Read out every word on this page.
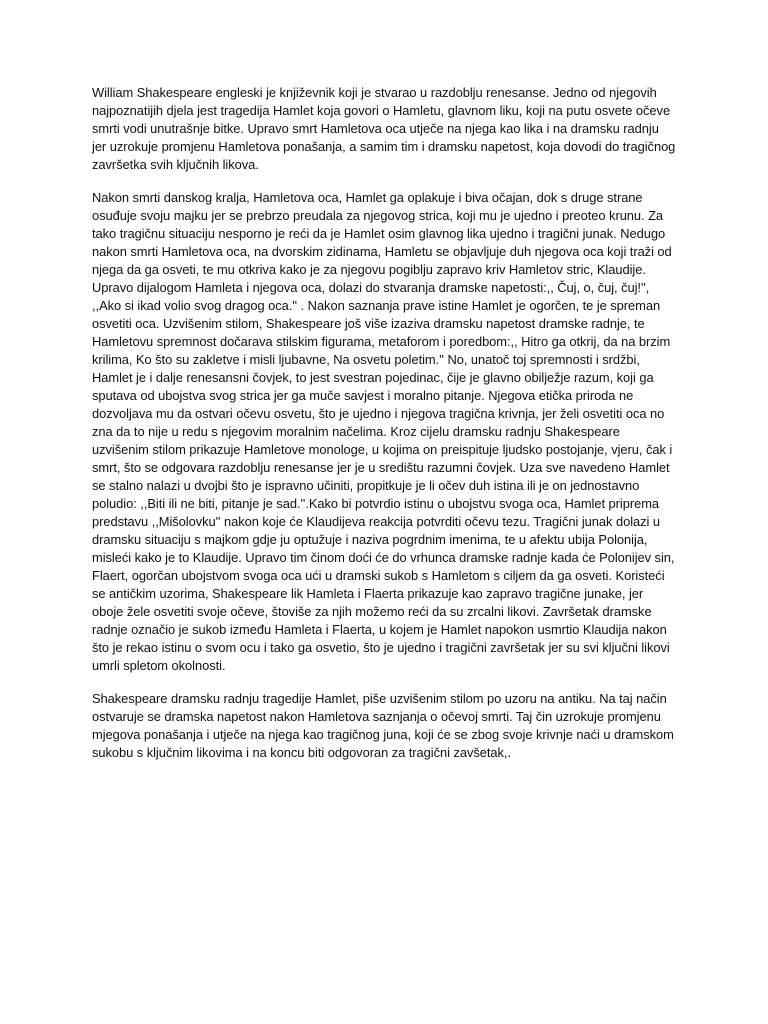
William Shakespeare engleski je književnik koji je stvarao u razdoblju renesanse. Jedno od njegovih najpoznatijih djela jest tragedija Hamlet koja govori o Hamletu, glavnom liku, koji na putu osvete očeve smrti vodi unutrašnje bitke. Upravo smrt Hamletova oca utječe na njega kao lika i na dramsku radnju jer uzrokuje promjenu Hamletova ponašanja, a samim tim i dramsku napetost, koja dovodi do tragičnog završetka svih ključnih likova.

Nakon smrti danskog kralja, Hamletova oca, Hamlet ga oplakuje i biva očajan, dok s druge strane osuđuje svoju majku jer se prebrzo preudala za njegovog strica, koji mu je ujedno i preoteo krunu. Za tako tragičnu situaciju nesporno je reći da je Hamlet osim glavnog lika ujedno i tragični junak. Nedugo nakon smrti Hamletova oca, na dvorskim zidinama, Hamletu se objavljuje duh njegova oca koji traži od njega da ga osveti, te mu otkriva kako je za njegovu pogiblju zapravo kriv Hamletov stric, Klaudije. Upravo dijalogom Hamleta i njegova oca, dolazi do stvaranja dramske napetosti:,, Čuj, o, čuj, čuj!'', ,,Ako si ikad volio svog dragog oca.'' . Nakon saznanja prave istine Hamlet je ogorčen, te je spreman osvetiti oca. Uzvišenim stilom, Shakespeare još više izaziva dramsku napetost dramske radnje, te Hamletovu spremnost dočarava stilskim figurama, metaforom i poredbom:,, Hitro ga otkrij, da na brzim krilima, Ko što su zakletve i misli ljubavne, Na osvetu poletim.'' No, unatoč toj spremnosti i srdžbi, Hamlet je i dalje renesansni čovjek, to jest svestran pojedinac, čije je glavno obilježje razum, koji ga sputava od ubojstva svog strica jer ga muče savjest i moralno pitanje. Njegova etička priroda ne dozvoljava mu da ostvari očevu osvetu, što je ujedno i njegova tragična krivnja, jer želi osvetiti oca no zna da to nije u redu s njegovim moralnim načelima. Kroz cijelu dramsku radnju Shakespeare uzvišenim stilom prikazuje Hamletove monologe, u kojima on preispituje ljudsko postojanje, vjeru, čak i smrt, što se odgovara razdoblju renesanse jer je u središtu razumni čovjek. Uza sve navedeno Hamlet se stalno nalazi u dvojbi što je ispravno učiniti, propitkuje je li očev duh istina ili je on jednostavno poludio: ,,Biti ili ne biti, pitanje je sad.''.Kako bi potvrdio istinu o ubojstvu svoga oca, Hamlet priprema predstavu ,,Mišolovku'' nakon koje će Klaudijeva reakcija potvrditi očevu tezu. Tragični junak dolazi u dramsku situaciju s majkom gdje ju optužuje i naziva pogrdnim imenima, te u afektu ubija Polonija, misleći kako je to Klaudije. Upravo tim činom doći će do vrhunca dramske radnje kada će Polonijev sin, Flaert, ogorčan ubojstvom svoga oca ući u dramski sukob s Hamletom s ciljem da ga osveti. Koristeći se antičkim uzorima, Shakespeare lik Hamleta i Flaerta prikazuje kao zapravo tragične junake, jer oboje žele osvetiti svoje očeve, štoviše za njih možemo reći da su zrcalni likovi. Završetak dramske radnje označio je sukob između Hamleta i Flaerta, u kojem je Hamlet napokon usmrtio Klaudija nakon što je rekao istinu o svom ocu i tako ga osvetio, što je ujedno i tragični završetak jer su svi ključni likovi umrli spletom okolnosti.

Shakespeare dramsku radnju tragedije Hamlet, piše uzvišenim stilom po uzoru na antiku. Na taj način ostvaruje se dramska napetost nakon Hamletova saznjanja o očevoj smrti. Taj čin uzrokuje promjenu mjegova ponašanja i utječe na njega kao tragičnog juna, koji će se zbog svoje krivnje naći u dramskom sukobu s ključnim likovima i na koncu biti odgovoran za tragični zavšetak,.
